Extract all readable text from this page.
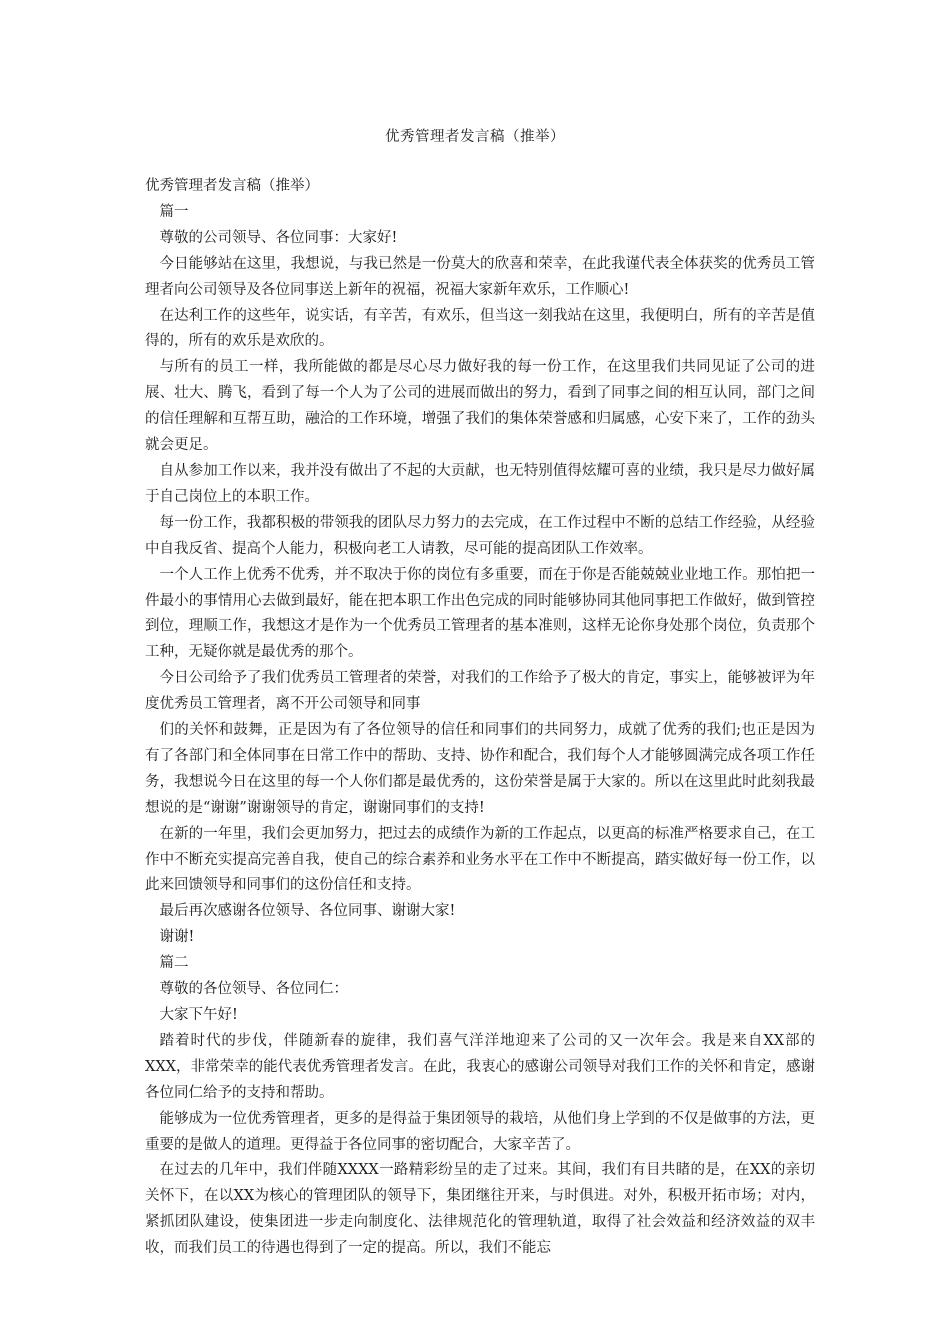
优秀管理者发言稿（推举）

优秀管理者发言稿（推举）

篇一

尊敬的公司领导、各位同事：大家好!

今日能够站在这里，我想说，与我已然是一份莫大的欣喜和荣幸，在此我谨代表全体获奖的优秀员工管理者向公司领导及各位同事送上新年的祝福，祝福大家新年欢乐，工作顺心!

在达利工作的这些年，说实话，有辛苦，有欢乐，但当这一刻我站在这里，我便明白，所有的辛苦是值得的，所有的欢乐是欢欣的。

与所有的员工一样，我所能做的都是尽心尽力做好我的每一份工作，在这里我们共同见证了公司的进展、壮大、腾飞，看到了每一个人为了公司的进展而做出的努力，看到了同事之间的相互认同，部门之间的信任理解和互帮互助，融洽的工作环境，增强了我们的集体荣誉感和归属感，心安下来了，工作的劲头就会更足。

自从参加工作以来，我并没有做出了不起的大贡献，也无特别值得炫耀可喜的业绩，我只是尽力做好属于自己岗位上的本职工作。

每一份工作，我都积极的带领我的团队尽力努力的去完成，在工作过程中不断的总结工作经验，从经验中自我反省、提高个人能力，积极向老工人请教，尽可能的提高团队工作效率。

一个人工作上优秀不优秀，并不取决于你的岗位有多重要，而在于你是否能兢兢业业地工作。那怕把一件最小的事情用心去做到最好，能在把本职工作出色完成的同时能够协同其他同事把工作做好，做到管控到位，理顺工作，我想这才是作为一个优秀员工管理者的基本准则，这样无论你身处那个岗位，负责那个工种，无疑你就是最优秀的那个。

今日公司给予了我们优秀员工管理者的荣誉，对我们的工作给予了极大的肯定，事实上，能够被评为年度优秀员工管理者，离不开公司领导和同事

们的关怀和鼓舞，正是因为有了各位领导的信任和同事们的共同努力，成就了优秀的我们;也正是因为有了各部门和全体同事在日常工作中的帮助、支持、协作和配合，我们每个人才能够圆满完成各项工作任务，我想说今日在这里的每一个人你们都是最优秀的，这份荣誉是属于大家的。所以在这里此时此刻我最想说的是“谢谢”谢谢领导的肯定，谢谢同事们的支持!

在新的一年里，我们会更加努力，把过去的成绩作为新的工作起点，以更高的标准严格要求自己，在工作中不断充实提高完善自我，使自己的综合素养和业务水平在工作中不断提高，踏实做好每一份工作，以此来回馈领导和同事们的这份信任和支持。

最后再次感谢各位领导、各位同事、谢谢大家!

谢谢!

篇二

尊敬的各位领导、各位同仁：

大家下午好!

踏着时代的步伐，伴随新春的旋律，我们喜气洋洋地迎来了公司的又一次年会。我是来自XX部的XXX，非常荣幸的能代表优秀管理者发言。在此，我衷心的感谢公司领导对我们工作的关怀和肯定，感谢各位同仁给予的支持和帮助。

能够成为一位优秀管理者，更多的是得益于集团领导的栽培，从他们身上学到的不仅是做事的方法，更重要的是做人的道理。更得益于各位同事的密切配合，大家辛苦了。

在过去的几年中，我们伴随XXXX一路精彩纷呈的走了过来。其间，我们有目共睹的是，在XX的亲切关怀下，在以XX为核心的管理团队的领导下，集团继往开来，与时俱进。对外，积极开拓市场；对内，紧抓团队建设，使集团进一步走向制度化、法律规范化的管理轨道，取得了社会效益和经济效益的双丰收，而我们员工的待遇也得到了一定的提高。所以，我们不能忘
